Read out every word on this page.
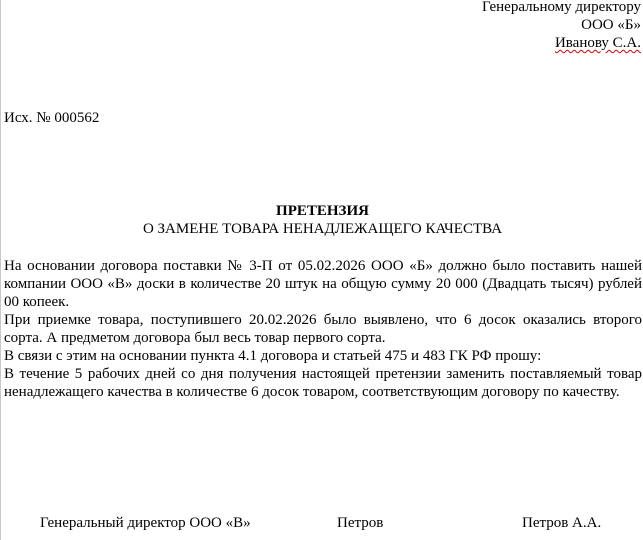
Генеральному директору
ООО «Б»
Иванову С.А.
Исх. № 000562
ПРЕТЕНЗИЯ
О ЗАМЕНЕ ТОВАРА НЕНАДЛЕЖАЩЕГО КАЧЕСТВА

На основании договора поставки № 3-П от 05.02.2026 ООО «Б» должно было поставить нашей компании ООО «В» доски в количестве 20 штук на общую сумму 20 000 (Двадцать тысяч) рублей 00 копеек.

При приемке товара, поступившего 20.02.2026 было выявлено, что 6 досок оказались второго сорта. А предметом договора был весь товар первого сорта.

В связи с этим на основании пункта 4.1 договора и статьей 475 и 483 ГК РФ прошу:

В течение 5 рабочих дней со дня получения настоящей претензии заменить поставляемый товар ненадлежащего качества в количестве 6 досок товаром, соответствующим договору по качеству.

Генеральный директор ООО «В»	Петров	Петров А.А.
